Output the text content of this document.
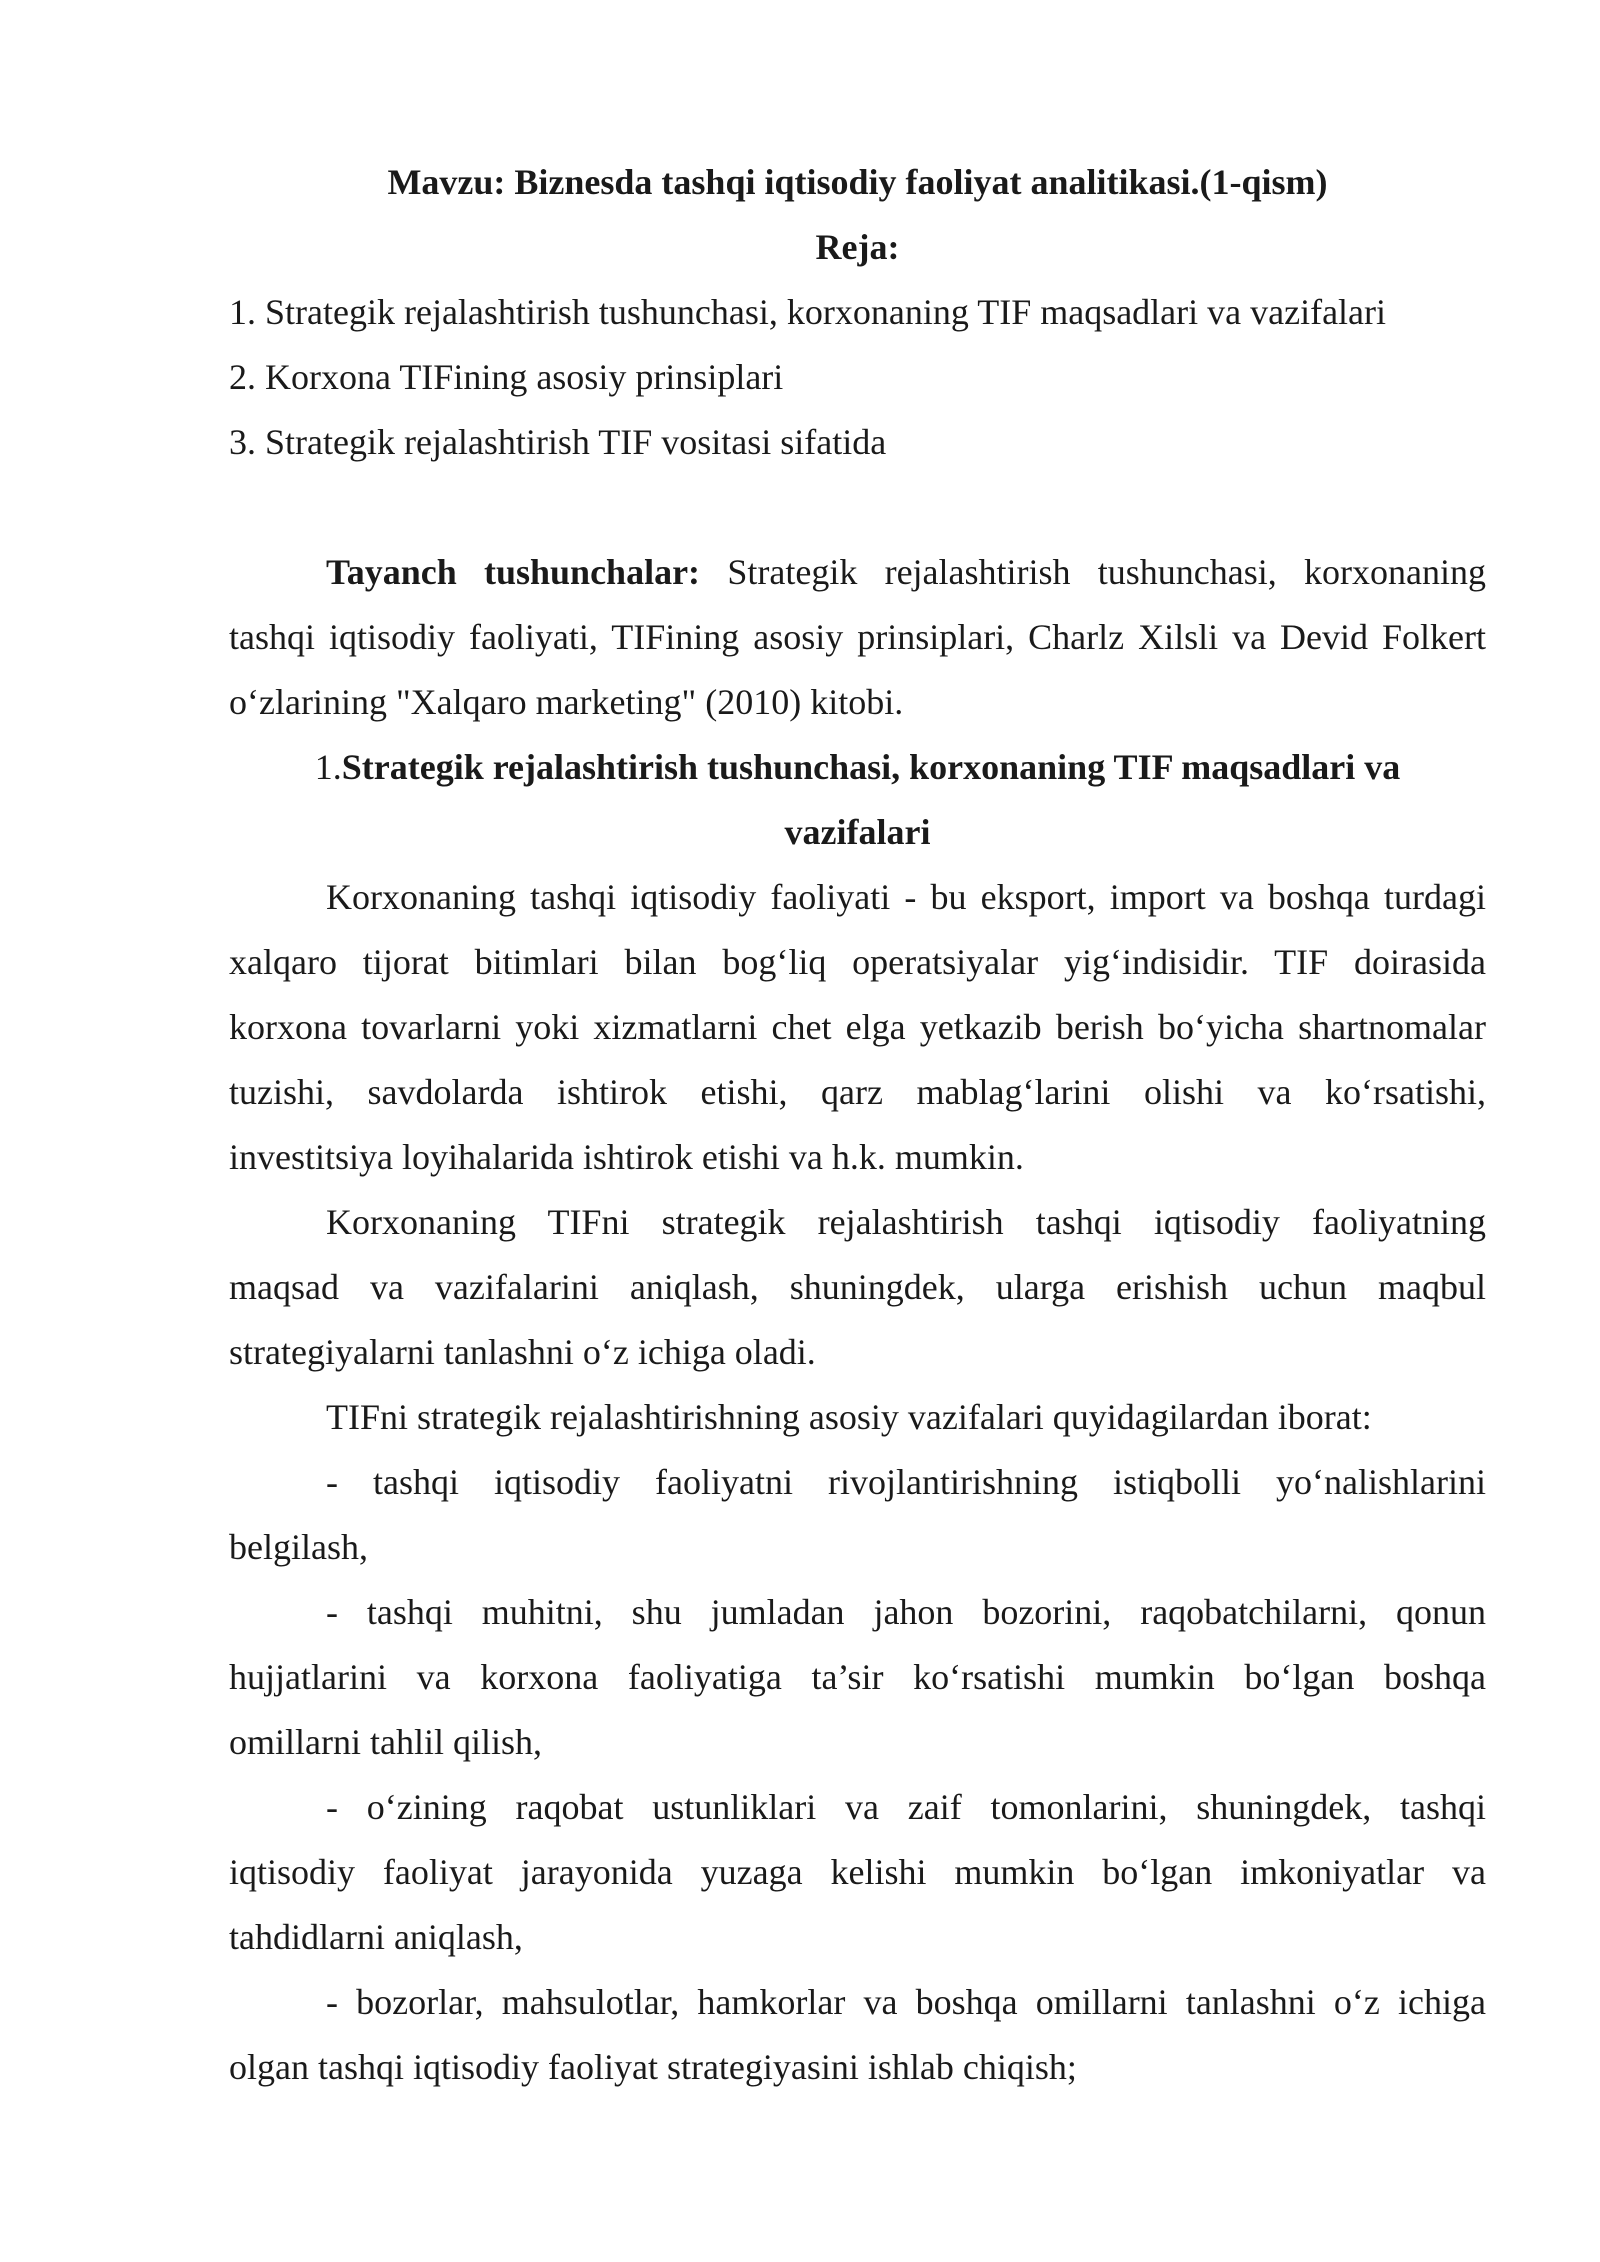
Mavzu: Biznesda tashqi iqtisodiy faoliyat analitikasi.(1-qism)
Reja:
1. Strategik rejalashtirish tushunchasi, korxonaning TIF maqsadlari va vazifalari
2. Korxona TIFining asosiy prinsiplari
3. Strategik rejalashtirish TIF vositasi sifatida
Tayanch tushunchalar: Strategik rejalashtirish tushunchasi, korxonaning
tashqi iqtisodiy faoliyati, TIFining asosiy prinsiplari, Charlz Xilsli va Devid Folkert
o‘zlarining "Xalqaro marketing" (2010) kitobi.
1.Strategik rejalashtirish tushunchasi, korxonaning TIF maqsadlari va
vazifalari
Korxonaning tashqi iqtisodiy faoliyati - bu eksport, import va boshqa turdagi
xalqaro tijorat bitimlari bilan bog‘liq operatsiyalar yig‘indisidir. TIF doirasida
korxona tovarlarni yoki xizmatlarni chet elga yetkazib berish bo‘yicha shartnomalar
tuzishi, savdolarda ishtirok etishi, qarz mablag‘larini olishi va ko‘rsatishi,
investitsiya loyihalarida ishtirok etishi va h.k. mumkin.
Korxonaning TIFni strategik rejalashtirish tashqi iqtisodiy faoliyatning
maqsad va vazifalarini aniqlash, shuningdek, ularga erishish uchun maqbul
strategiyalarni tanlashni o‘z ichiga oladi.
TIFni strategik rejalashtirishning asosiy vazifalari quyidagilardan iborat:
- tashqi iqtisodiy faoliyatni rivojlantirishning istiqbolli yo‘nalishlarini
belgilash,
- tashqi muhitni, shu jumladan jahon bozorini, raqobatchilarni, qonun
hujjatlarini va korxona faoliyatiga ta’sir ko‘rsatishi mumkin bo‘lgan boshqa
omillarni tahlil qilish,
- o‘zining raqobat ustunliklari va zaif tomonlarini, shuningdek, tashqi
iqtisodiy faoliyat jarayonida yuzaga kelishi mumkin bo‘lgan imkoniyatlar va
tahdidlarni aniqlash,
- bozorlar, mahsulotlar, hamkorlar va boshqa omillarni tanlashni o‘z ichiga
olgan tashqi iqtisodiy faoliyat strategiyasini ishlab chiqish;
